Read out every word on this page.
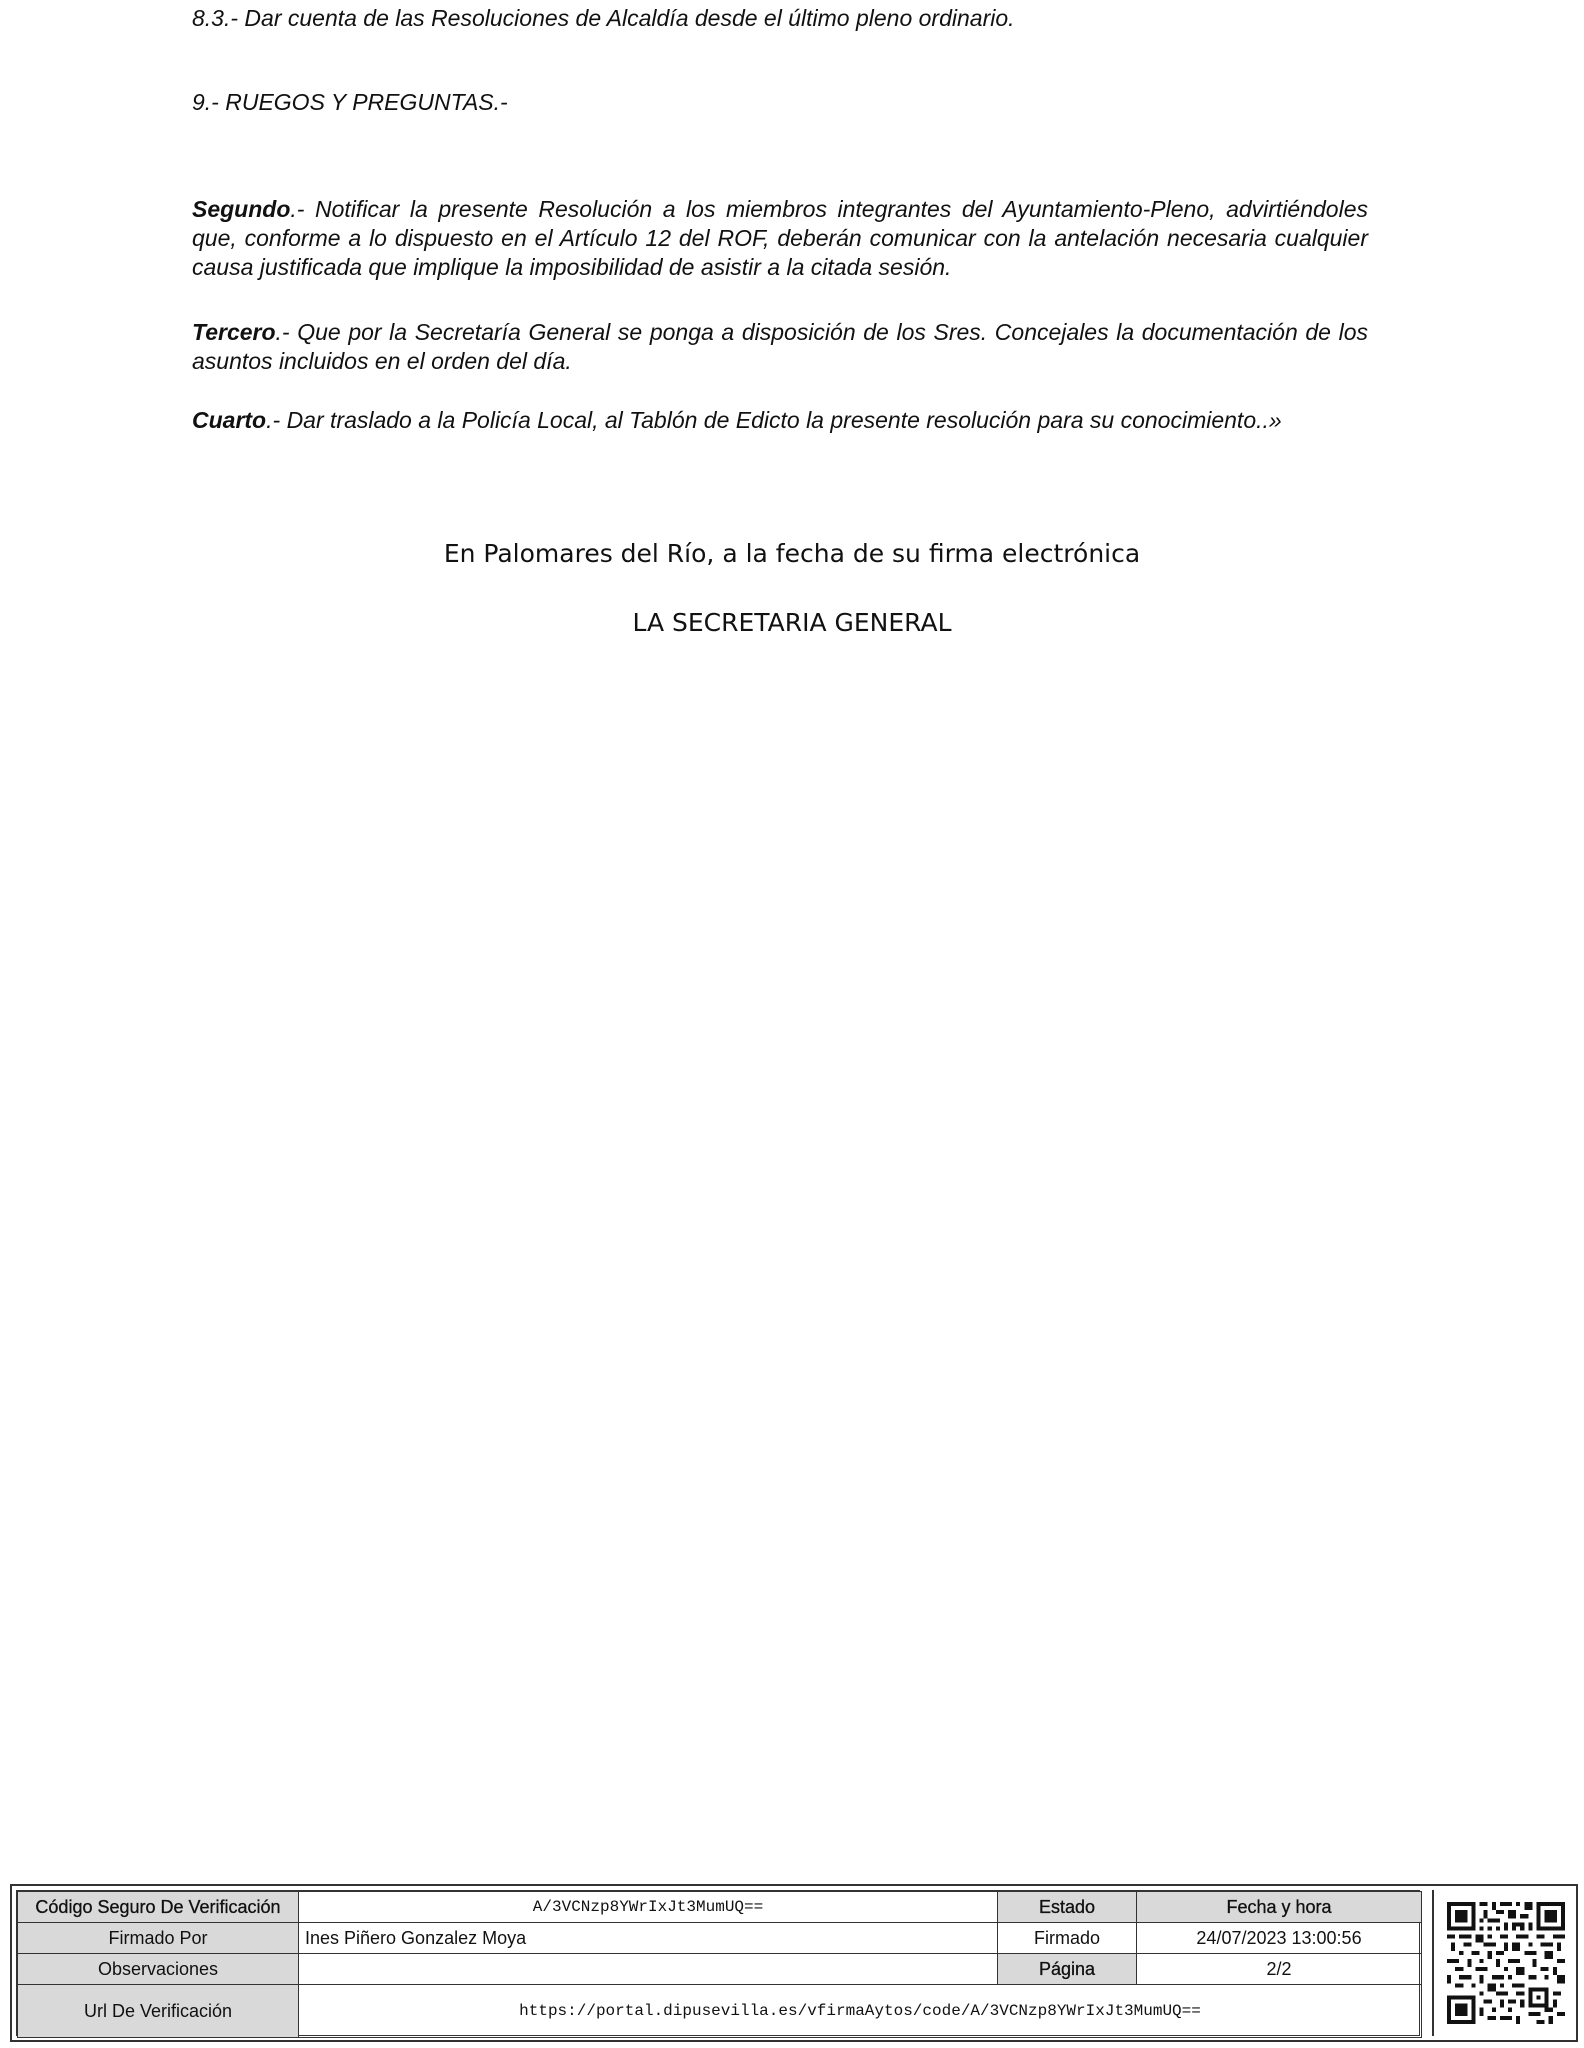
8.3.- Dar cuenta de las Resoluciones de Alcaldía desde el último pleno ordinario.

9.- RUEGOS Y PREGUNTAS.-

Segundo.- Notificar la presente Resolución a los miembros integrantes del Ayuntamiento-Pleno, advirtiéndoles que, conforme a lo dispuesto en el Artículo 12 del ROF, deberán comunicar con la antelación necesaria cualquier causa justificada que implique la imposibilidad de asistir a la citada sesión.

Tercero.- Que por la Secretaría General se ponga a disposición de los Sres. Concejales la documentación de los asuntos incluidos en el orden del día.

Cuarto.- Dar traslado a la Policía Local, al Tablón de Edicto la presente resolución para su conocimiento..»

En Palomares del Río, a la fecha de su firma electrónica

LA SECRETARIA GENERAL

Código Seguro De Verificación	A/3VCNzp8YWrIxJt3MumUQ==	Estado	Fecha y hora
Firmado Por	Ines Piñero Gonzalez Moya	Firmado	24/07/2023 13:00:56
Observaciones		Página	2/2
Url De Verificación	https://portal.dipusevilla.es/vfirmaAytos/code/A/3VCNzp8YWrIxJt3MumUQ==		
